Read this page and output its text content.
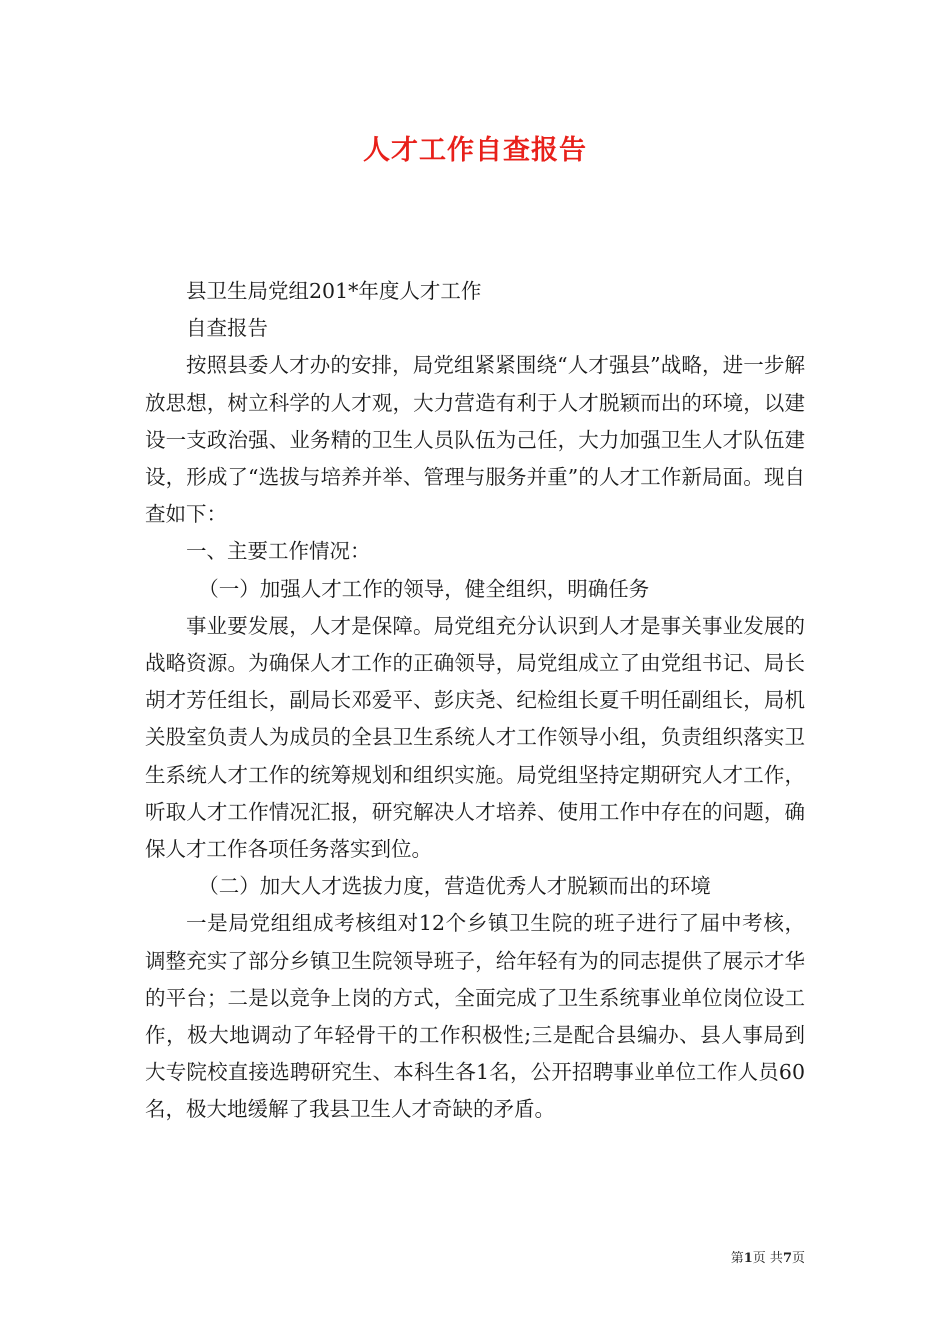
人才工作自查报告

县卫生局党组201*年度人才工作

自查报告

按照县委人才办的安排，局党组紧紧围绕“人才强县”战略，进一步解放思想，树立科学的人才观，大力营造有利于人才脱颖而出的环境，以建设一支政治强、业务精的卫生人员队伍为己任，大力加强卫生人才队伍建设，形成了“选拔与培养并举、管理与服务并重”的人才工作新局面。现自查如下：

一、主要工作情况：

（一）加强人才工作的领导，健全组织，明确任务

事业要发展，人才是保障。局党组充分认识到人才是事关事业发展的战略资源。为确保人才工作的正确领导，局党组成立了由党组书记、局长胡才芳任组长，副局长邓爱平、彭庆尧、纪检组长夏千明任副组长，局机关股室负责人为成员的全县卫生系统人才工作领导小组，负责组织落实卫生系统人才工作的统筹规划和组织实施。局党组坚持定期研究人才工作，听取人才工作情况汇报，研究解决人才培养、使用工作中存在的问题，确保人才工作各项任务落实到位。

（二）加大人才选拔力度，营造优秀人才脱颖而出的环境

一是局党组组成考核组对12个乡镇卫生院的班子进行了届中考核，调整充实了部分乡镇卫生院领导班子，给年轻有为的同志提供了展示才华的平台；二是以竞争上岗的方式，全面完成了卫生系统事业单位岗位设工作，极大地调动了年轻骨干的工作积极性;三是配合县编办、县人事局到大专院校直接选聘研究生、本科生各1名，公开招聘事业单位工作人员60名，极大地缓解了我县卫生人才奇缺的矛盾。

第1页 共7页
